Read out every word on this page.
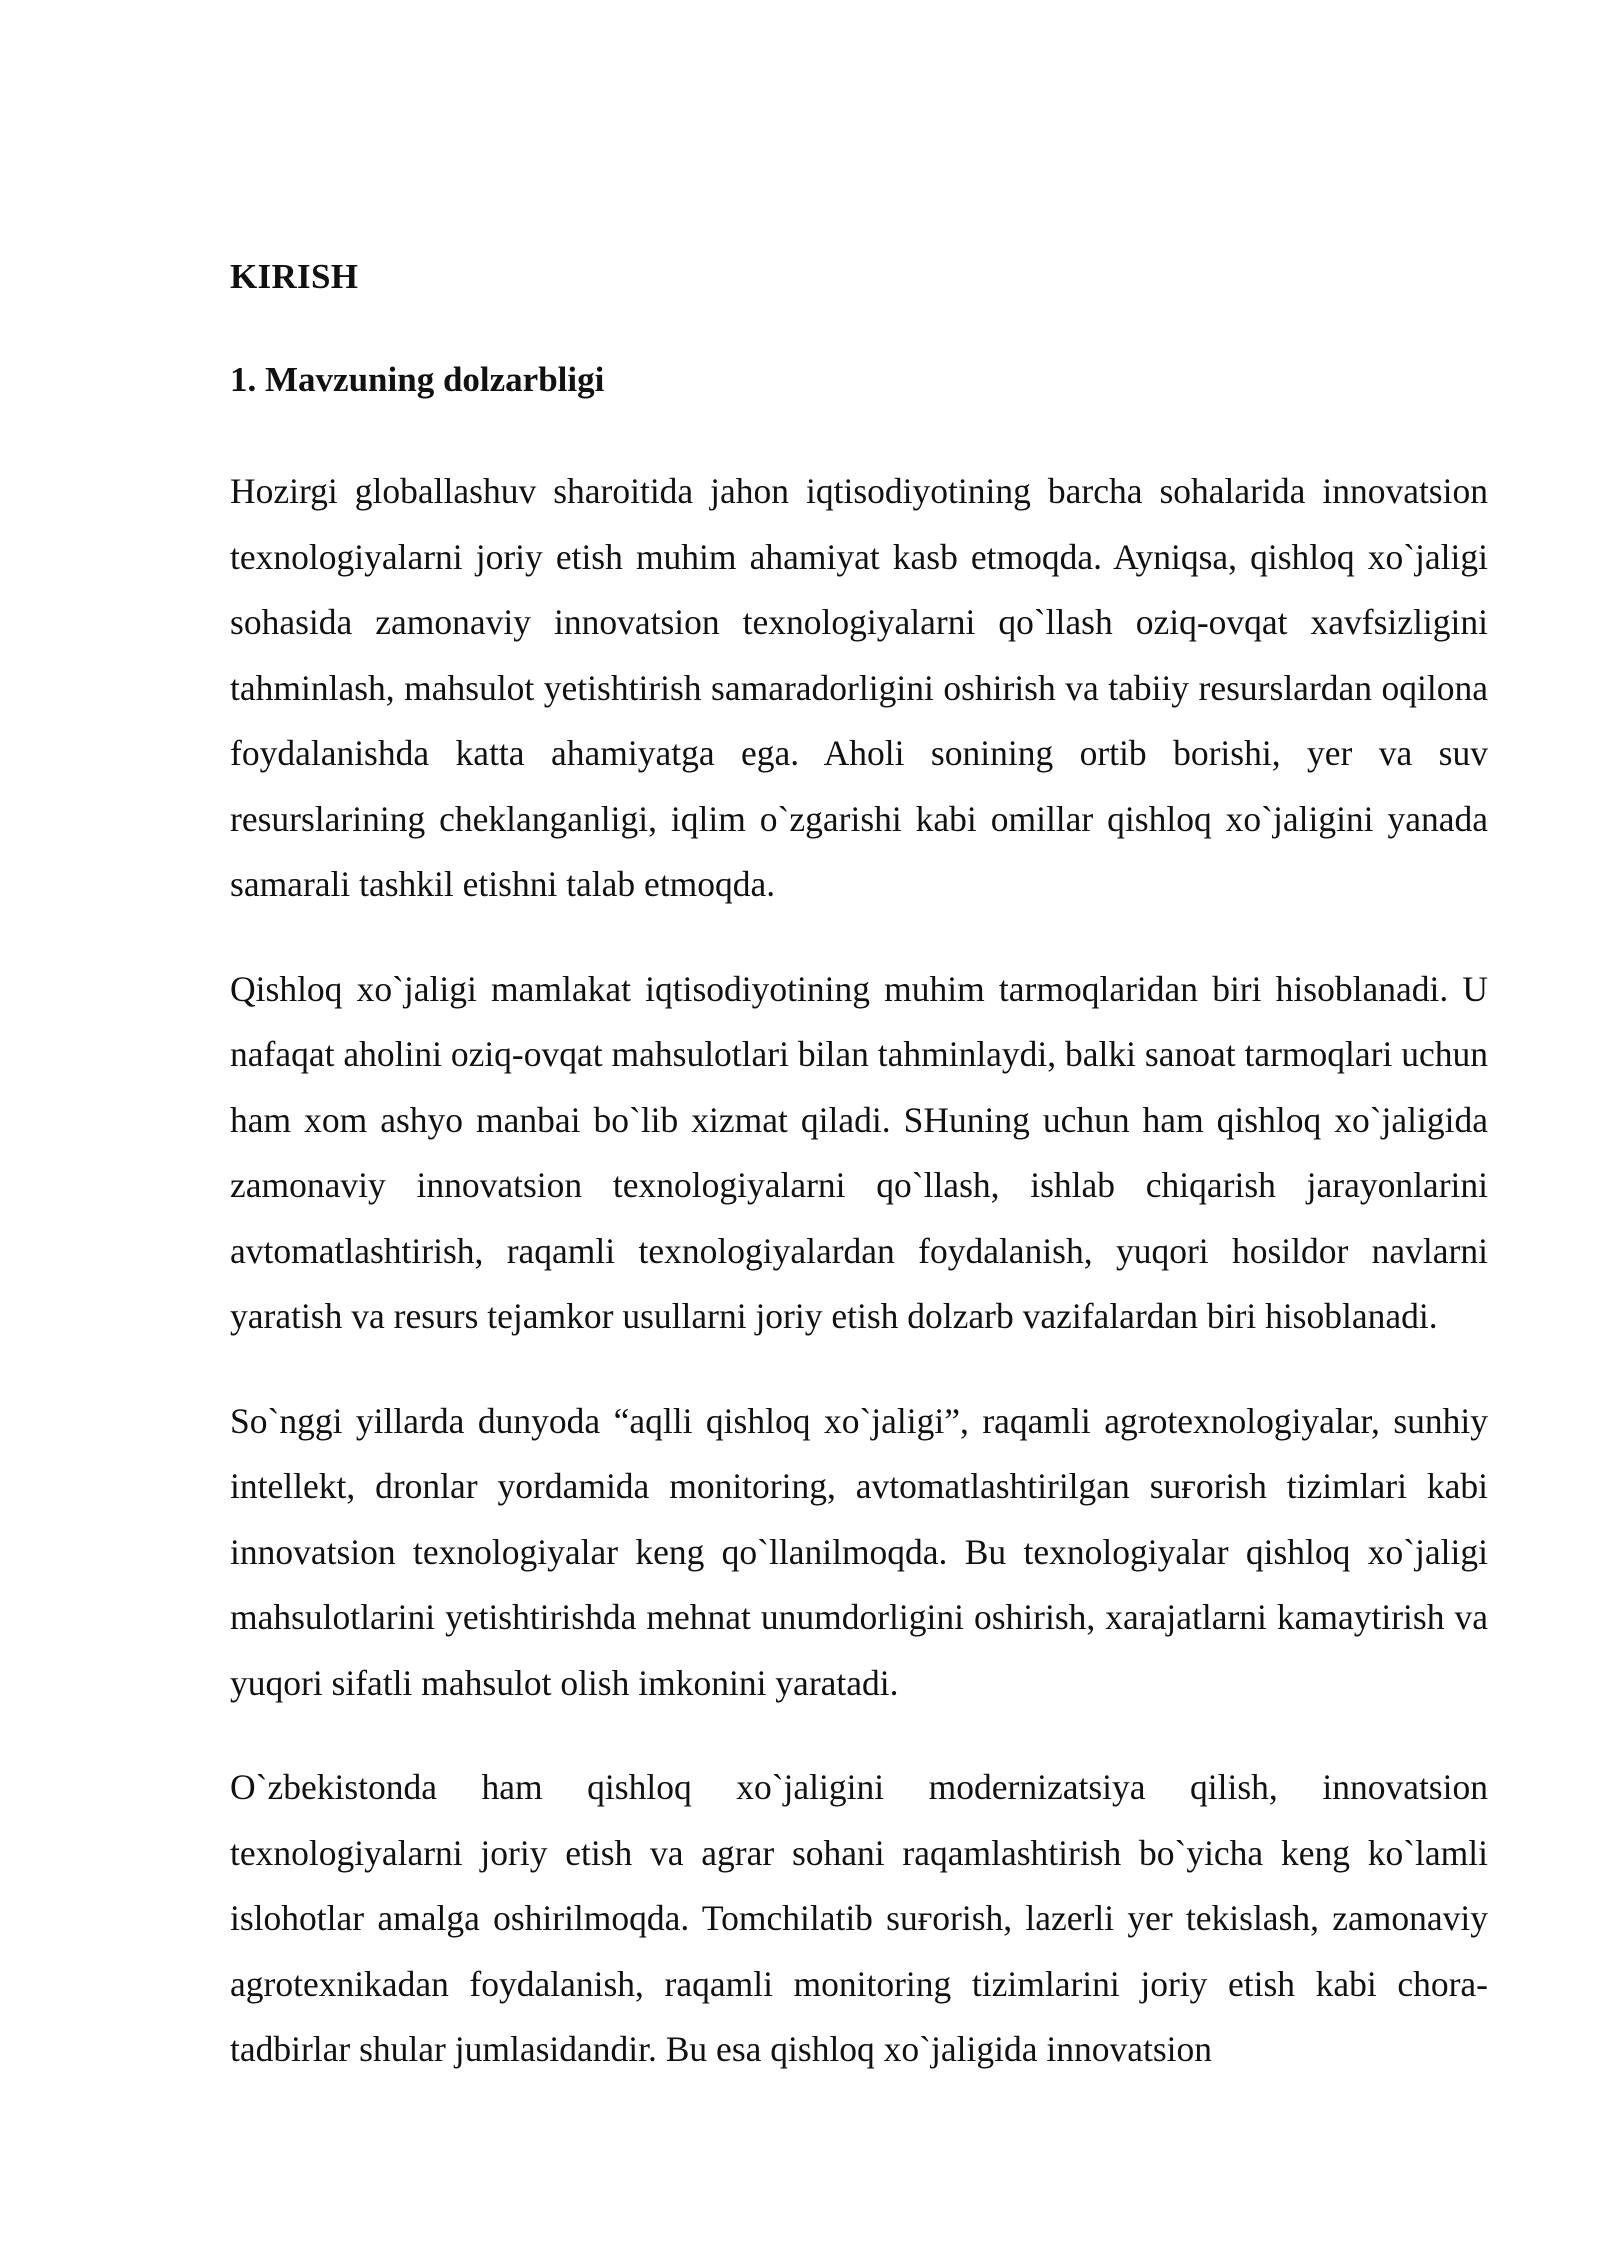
KIRISH
1. Mavzuning dolzarbligi

Hozirgi globallashuv sharoitida jahon iqtisodiyotining barcha sohalarida innovatsion texnologiyalarni joriy etish muhim ahamiyat kasb etmoqda. Ayniqsa, qishloq xo`jaligi sohasida zamonaviy innovatsion texnologiyalarni qo`llash oziq-ovqat xavfsizligini tahminlash, mahsulot yetishtirish samaradorligini oshirish va tabiiy resurslardan oqilona foydalanishda katta ahamiyatga ega. Aholi sonining ortib borishi, yer va suv resurslarining cheklanganligi, iqlim o`zgarishi kabi omillar qishloq xo`jaligini yanada samarali tashkil etishni talab etmoqda.

Qishloq xo`jaligi mamlakat iqtisodiyotining muhim tarmoqlaridan biri hisoblanadi. U nafaqat aholini oziq-ovqat mahsulotlari bilan tahminlaydi, balki sanoat tarmoqlari uchun ham xom ashyo manbai bo`lib xizmat qiladi. SHuning uchun ham qishloq xo`jaligida zamonaviy innovatsion texnologiyalarni qo`llash, ishlab chiqarish jarayonlarini avtomatlashtirish, raqamli texnologiyalardan foydalanish, yuqori hosildor navlarni yaratish va resurs tejamkor usullarni joriy etish dolzarb vazifalardan biri hisoblanadi.

So`nggi yillarda dunyoda “aqlli qishloq xo`jaligi”, raqamli agrotexnologiyalar, sunhiy intellekt, dronlar yordamida monitoring, avtomatlashtirilgan suғorish tizimlari kabi innovatsion texnologiyalar keng qo`llanilmoqda. Bu texnologiyalar qishloq xo`jaligi mahsulotlarini yetishtirishda mehnat unumdorligini oshirish, xarajatlarni kamaytirish va yuqori sifatli mahsulot olish imkonini yaratadi.

O`zbekistonda ham qishloq xo`jaligini modernizatsiya qilish, innovatsion texnologiyalarni joriy etish va agrar sohani raqamlashtirish bo`yicha keng ko`lamli islohotlar amalga oshirilmoqda. Tomchilatib suғorish, lazerli yer tekislash, zamonaviy agrotexnikadan foydalanish, raqamli monitoring tizimlarini joriy etish kabi chora-tadbirlar shular jumlasidandir. Bu esa qishloq xo`jaligida innovatsion
